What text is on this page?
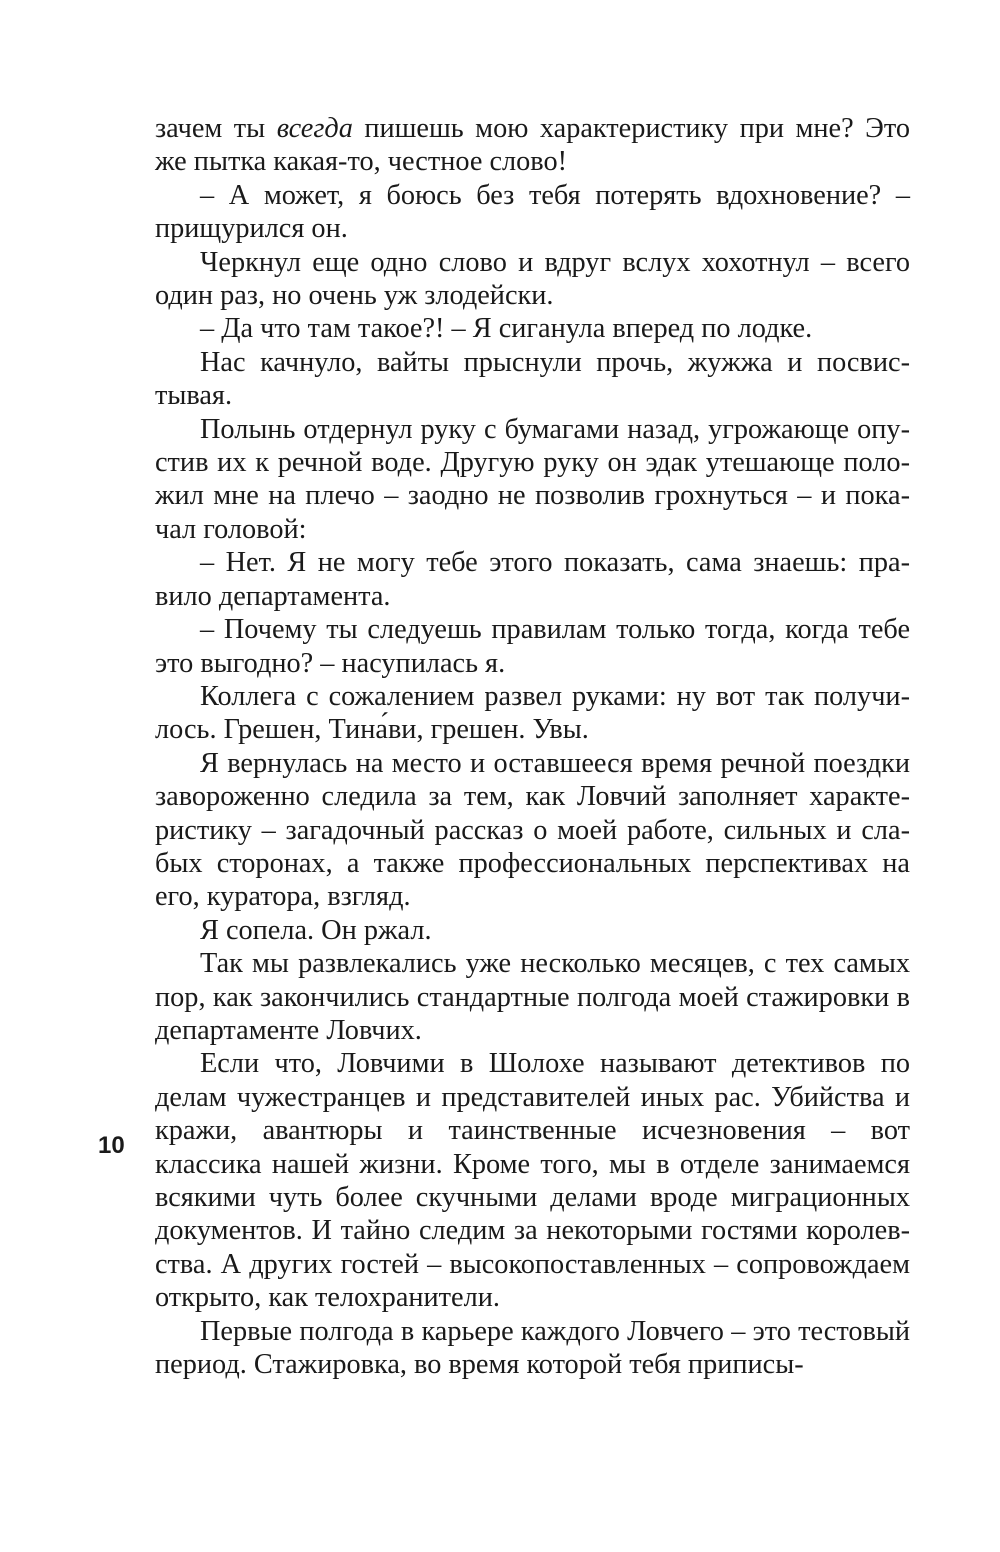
зачем ты всегда пишешь мою характеристику при мне? Это же пытка какая-то, честное слово!

– А может, я боюсь без тебя потерять вдохновение? – прищурился он.

Черкнул еще одно слово и вдруг вслух хохотнул – всего один раз, но очень уж злодейски.

– Да что там такое?! – Я сиганула вперед по лодке.

Нас качнуло, вайты прыснули прочь, жужжа и посвистывая.

Полынь отдернул руку с бумагами назад, угрожающе опустив их к речной воде. Другую руку он эдак утешающе положил мне на плечо – заодно не позволив грохнуться – и покачал головой:

– Нет. Я не могу тебе этого показать, сама знаешь: правило департамента.

– Почему ты следуешь правилам только тогда, когда тебе это выгодно? – насупилась я.

Коллега с сожалением развел руками: ну вот так получилось. Грешен, Тина́ви, грешен. Увы.

Я вернулась на место и оставшееся время речной поездки завороженно следила за тем, как Ловчий заполняет характеристику – загадочный рассказ о моей работе, сильных и слабых сторонах, а также профессиональных перспективах на его, куратора, взгляд.

Я сопела. Он ржал.

Так мы развлекались уже несколько месяцев, с тех самых пор, как закончились стандартные полгода моей стажировки в департаменте Ловчих.

Если что, Ловчими в Шолохе называют детективов по делам чужестранцев и представителей иных рас. Убийства и кражи, авантюры и таинственные исчезновения – вот классика нашей жизни. Кроме того, мы в отделе занимаемся всякими чуть более скучными делами вроде миграционных документов. И тайно следим за некоторыми гостями королевства. А других гостей – высокопоставленных – сопровождаем открыто, как телохранители.

Первые полгода в карьере каждого Ловчего – это тестовый период. Стажировка, во время которой тебя приписы-

10
